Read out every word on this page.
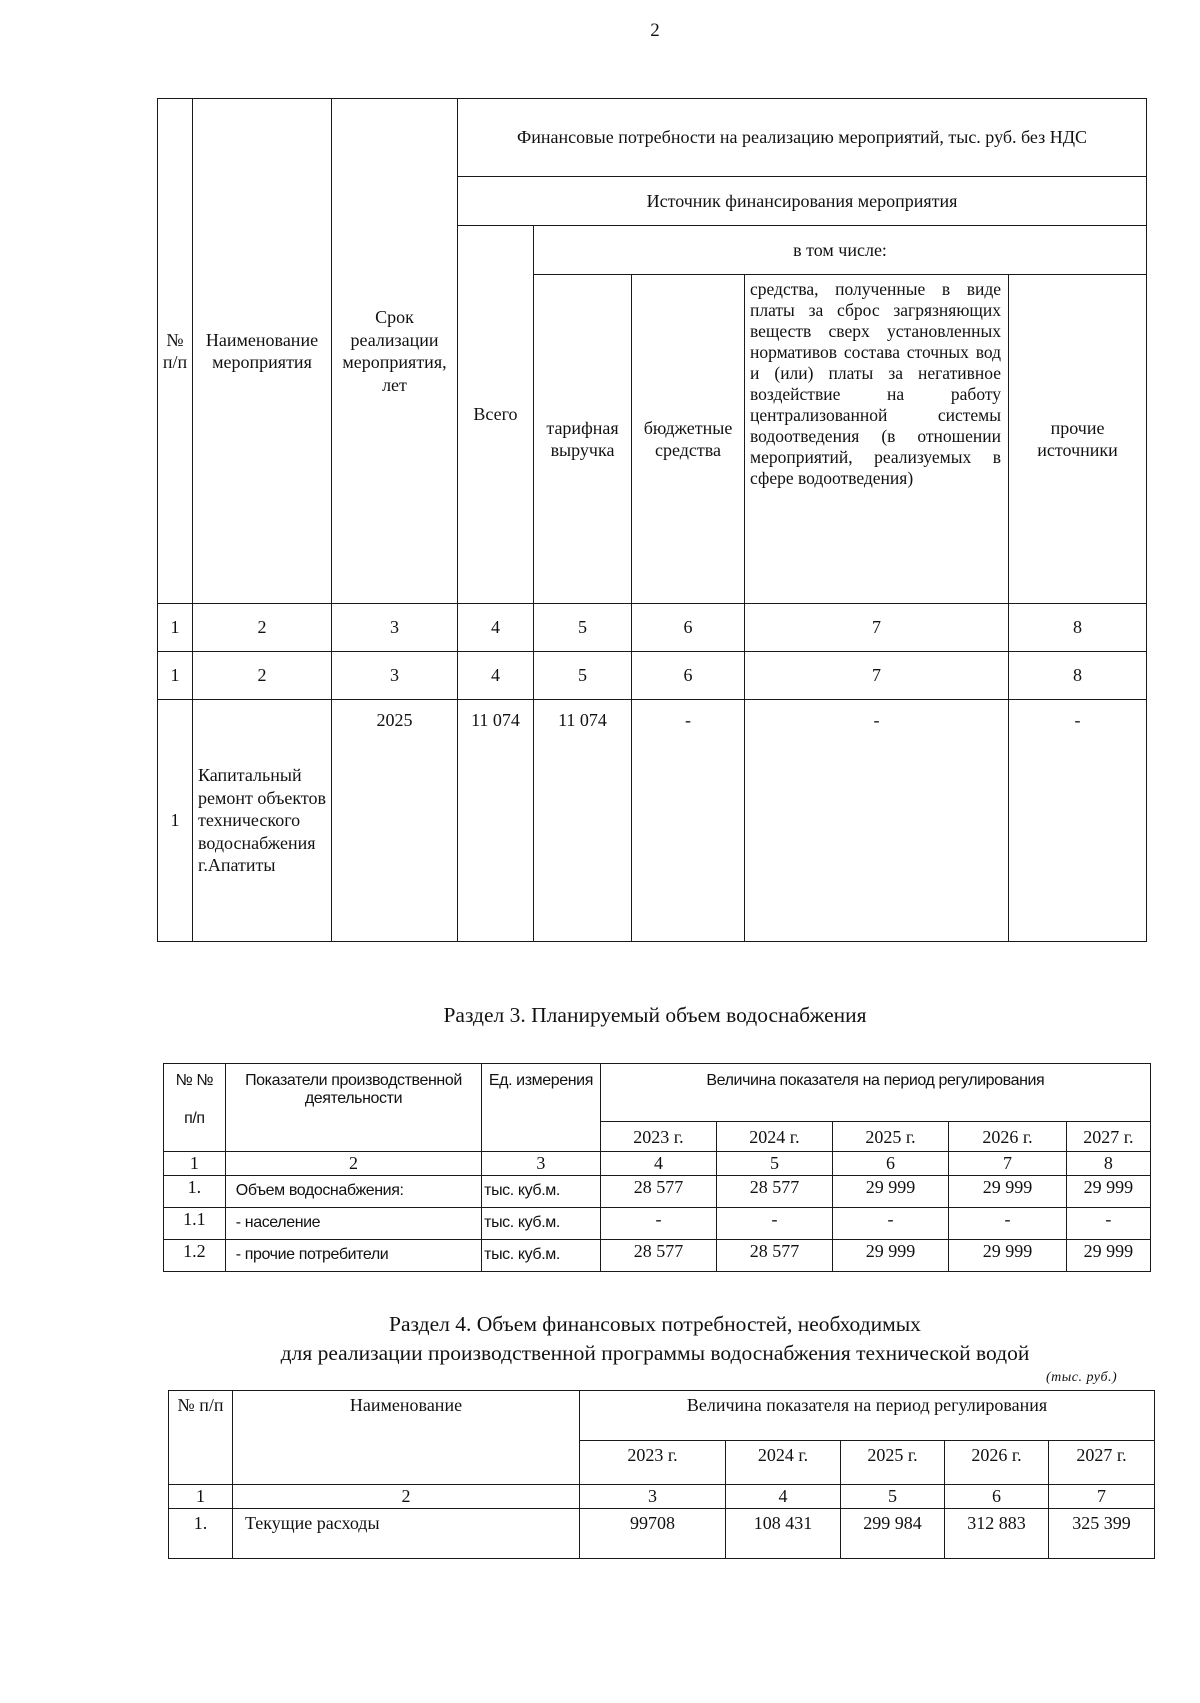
2
№ п/п	Наименование мероприятия	Срок реализации мероприятия, лет	Финансовые потребности на реализацию мероприятий, тыс. руб. без НДС				
			Источник финансирования мероприятия				
			Всего	в том числе:			
				тарифная выручка	бюджетные средства	средства, полученные в виде платы за сброс загрязняющих веществ сверх установленных нормативов состава сточных вод и (или) платы за негативное воздействие на работу централизованной системы водоотведения (в отношении мероприятий, реализуемых в сфере водоотведения)	прочие источники
1	2	3	4	5	6	7	8
1	2	3	4	5	6	7	8
1	Капитальный ремонт объектов технического водоснабжения г.Апатиты	2025	11 074	11 074	-	-	-
Раздел 3. Планируемый объем водоснабжения
№ №
п/п	Показатели производственной деятельности	Ед. измерения	Величина показателя на период регулирования				
			2023 г.	2024 г.	2025 г.	2026 г.	2027 г.
1	2	3	4	5	6	7	8
1.	Объем водоснабжения:	тыс. куб.м.	28 577	28 577	29 999	29 999	29 999
1.1	- население	тыс. куб.м.	-	-	-	-	-
1.2	- прочие потребители	тыс. куб.м.	28 577	28 577	29 999	29 999	29 999
Раздел 4. Объем финансовых потребностей, необходимых
для реализации производственной программы водоснабжения технической водой
(тыс. руб.)
№ п/п	Наименование	Величина показателя на период регулирования				
		2023 г.	2024 г.	2025 г.	2026 г.	2027 г.
1	2	3	4	5	6	7
1.	Текущие расходы	99708	108 431	299 984	312 883	325 399
